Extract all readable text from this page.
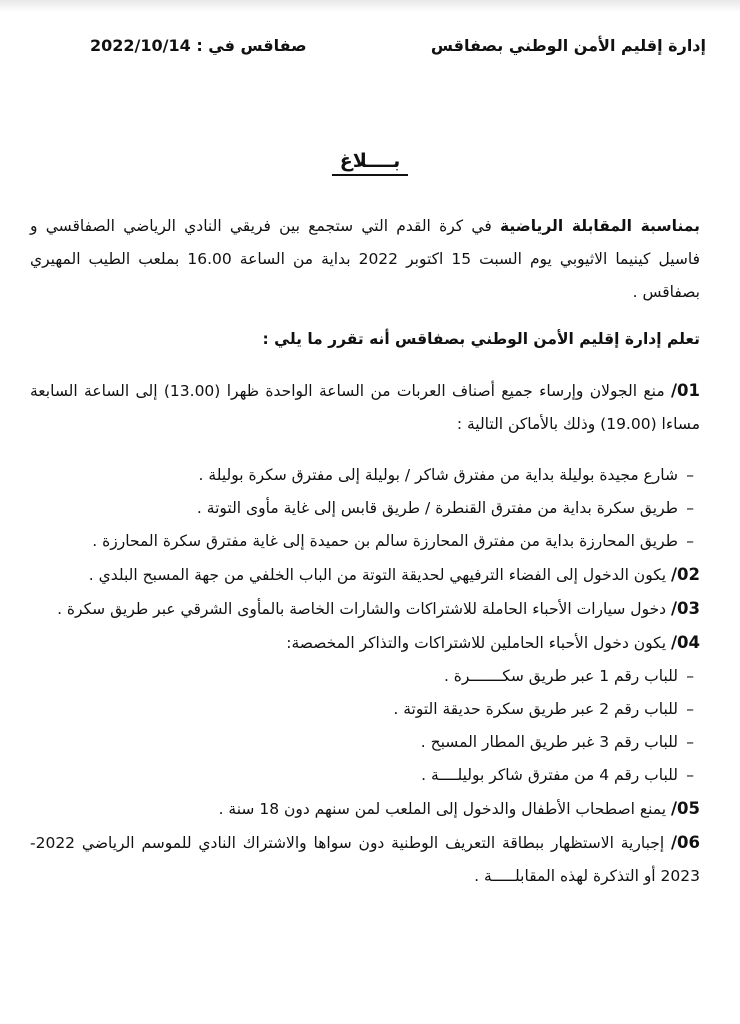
إدارة إقليم الأمن الوطني بصفاقس
صفاقس في : 2022/10/14
بــــلاغ

بمناسبة المقابلة الرياضية في كرة القدم التي ستجمع بين فريقي النادي الرياضي الصفاقسي و فاسيل كينيما الاثيوبي يوم السبت 15 اكتوبر 2022 بداية من الساعة 16.00 بملعب الطيب المهيري بصفاقس .

تعلم إدارة إقليم الأمن الوطني بصفاقس أنه تقرر ما يلي :

01/ منع الجولان وإرساء جميع أصناف العربات من الساعة الواحدة ظهرا (13.00) إلى الساعة السابعة مساءا (19.00) وذلك بالأماكن التالية :

–شارع مجيدة بوليلة بداية من مفترق شاكر / بوليلة إلى مفترق سكرة بوليلة .
–طريق سكرة بداية من مفترق القنطرة / طريق قابس إلى غاية مأوى التوتة .
–طريق المحارزة بداية من مفترق المحارزة سالم بن حميدة إلى غاية مفترق سكرة المحارزة .

02/ يكون الدخول إلى الفضاء الترفيهي لحديقة التوتة من الباب الخلفي من جهة المسبح البلدي .

03/ دخول سيارات الأحباء الحاملة للاشتراكات والشارات الخاصة بالمأوى الشرقي عبر طريق سكرة .

04/ يكون دخول الأحباء الحاملين للاشتراكات والتذاكر المخصصة:

–للباب رقم 1 عبر طريق سكـــــــرة .
–للباب رقم 2 عبر طريق سكرة حديقة التوتة .
–للباب رقم 3 غبر طريق المطار المسبح .
–للباب رقم 4 من مفترق شاكر بوليلــــة .

05/ يمنع اصطحاب الأطفال والدخول إلى الملعب لمن سنهم دون 18 سنة .

06/ إجبارية الاستظهار ببطاقة التعريف الوطنية دون سواها والاشتراك النادي للموسم الرياضي 2022-2023 أو التذكرة لهذه المقابلـــــة .
